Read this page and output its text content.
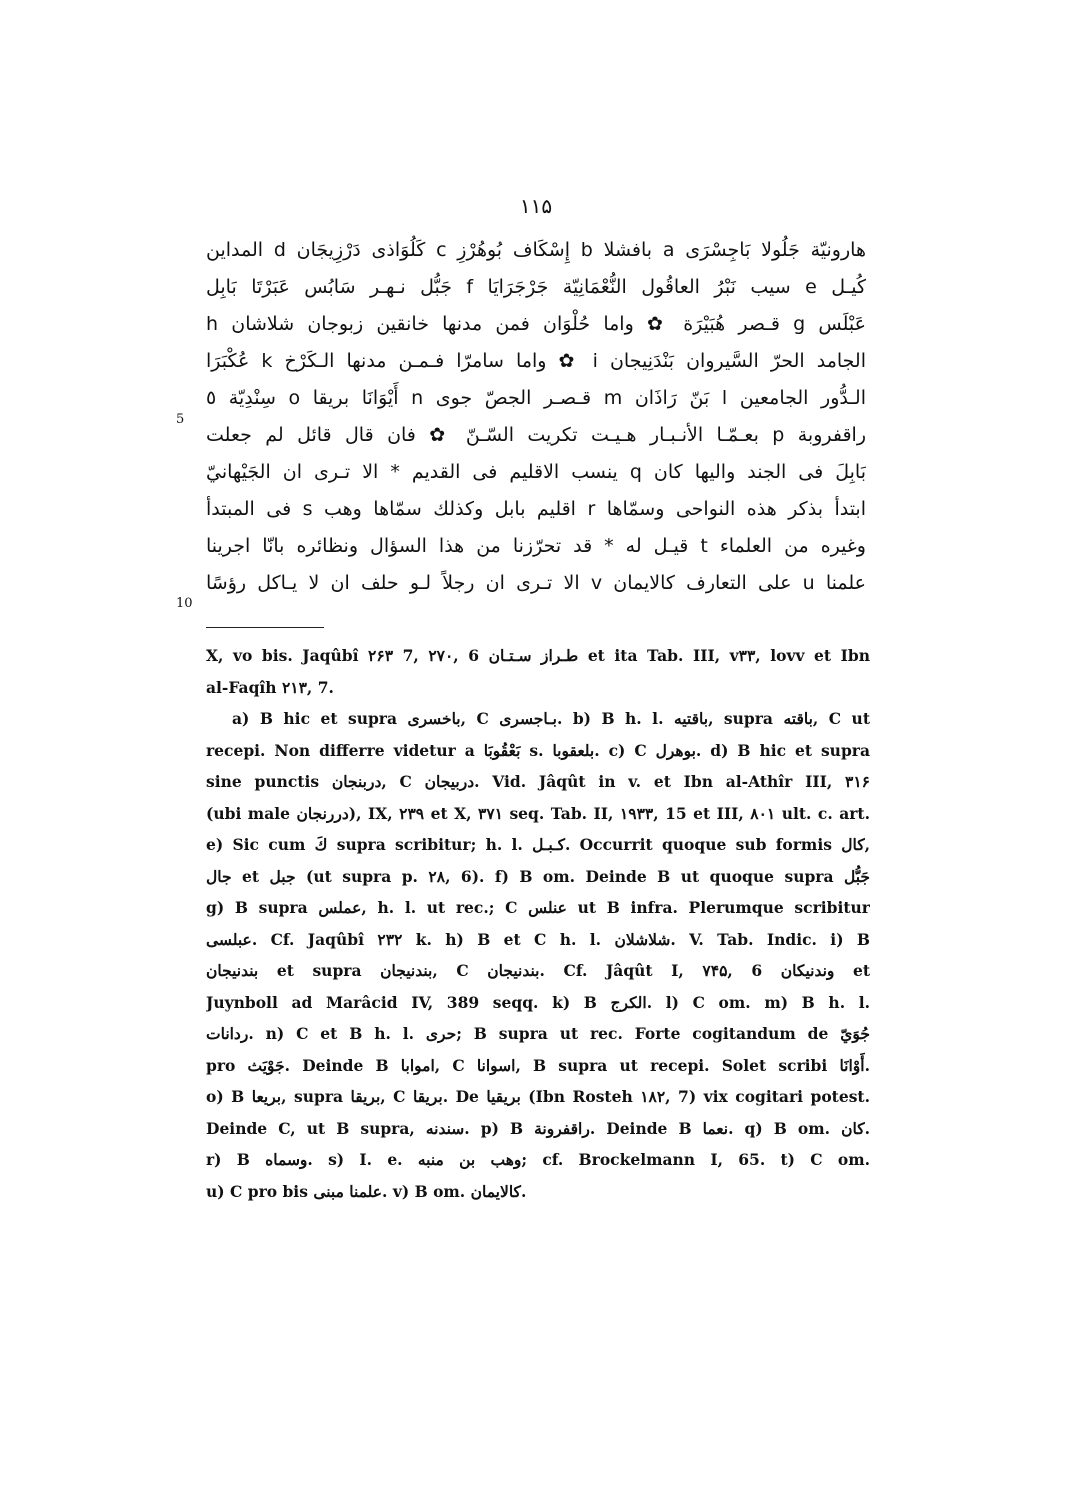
۱۱۵
هارونيّة جَلُولا بَاجِسْرَى a بافشلا b إِسْكَاف بُوهُرْزِ c كَلُوَاذى دَرْزِيجَان d المداين
كُيـل e سيب نَبْرُ العاقُول النُّعْمَانِيّة جَرْجَرَايَا f جَبُّل نـهـر سَابُس عَبَرْتَا بَابِل
عَبْلَس g قـصر هُبَيْرَة ✿ واما حُلْوَان فمن مدنها خانقين زبوجان شلاشان h
الجامد الحرّ السَّيروان بَنْدَنِيجان i ✿ واما سامرّا فـمـن مدنها الـكَرْخ k عُكْبَرَا
الـدُّور الجامعين l بَنّ رَاذَان m قـصـر الجصّ جوى n أَيْوَانَا بريقا o سِنْدِيّة ٥
راقفروبة p بعـمّـا الأنـبـار هـيـت تكريت السّـنّ ✿ فان قال قائل لم جعلت
بَابِلَ فى الجند واليها كان q ينسب الاقليم فى القديم * الا تـرى ان الجَيْهانيّ
ابتدأ بذكر هذه النواحى وسمّاها r اقليم بابل وكذلك سمّاها وهب s فى المبتدأ
وغيره من العلماء t قيـل له * قد تحرّزنا من هذا السؤال ونظائره بانّا اجرينا
علمنا u على التعارف كالايمان v الا تـرى ان رجلاً لـو حلف ان لا يـاكل رؤسًا
5
10
X, vo bis. Jaqûbî ۲۶۳ 7, ۲۷۰, 6 طـراز سـتـان et ita Tab. III, v۳۳, lovv et Ibn
al-Faqîh ۲۱۳, 7.
a) B hic et supra باخسرى, C بـاجسرى. b) B h. l. باقتيه, supra باقته, C ut
recepi. Non differre videtur a بَعْقُوبَا s. بلعقوبا. c) C بوهرل. d) B hic et supra
sine punctis دربنجان, C دربيجان. Vid. Jâqût in v. et Ibn al-Athîr III, ۳۱۶
(ubi male دررنجان), IX, ۲۳۹ et X, ۳۷۱ seq. Tab. II, ۱۹۳۳, 15 et III, ۸۰۱ ult. c. art.
e) Sic cum كَ supra scribitur; h. l. كـبـل. Occurrit quoque sub formis كال,
جال et جبل (ut supra p. ۲۸, 6). f) B om. Deinde B ut quoque supra جَبُّل
g) B supra عملس, h. l. ut rec.; C عنلس ut B infra. Plerumque scribitur
عبلسى. Cf. Jaqûbî ۲۳۲ k. h) B et C h. l. شلاشلان. V. Tab. Indic. i) B
بندنيجان et supra بندنيجان, C بندنيجان. Cf. Jâqût I, ۷۴۵, 6 وندنيكان et
Juynboll ad Marâcid IV, 389 seqq. k) B الكرج. l) C om. m) B h. l.
ردانات. n) C et B h. l. حرى; B supra ut rec. Forte cogitandum de جُوَيّ
pro جَوْيَث. Deinde B اموابا, C اسوانا, B supra ut recepi. Solet scribi أَوْانَا.
o) B بريعا, supra بريقا, C بريقا. De بريقيا (Ibn Rosteh ۱۸۲, 7) vix cogitari potest.
Deinde C, ut B supra, سندنه. p) B راقفرونة. Deinde B نعما. q) B om. كان.
r) B وسماه. s) I. e. وهب بن منبه; cf. Brockelmann I, 65. t) C om.
u) C pro bis علمنا مبنى. v) B om. كالايمان.
